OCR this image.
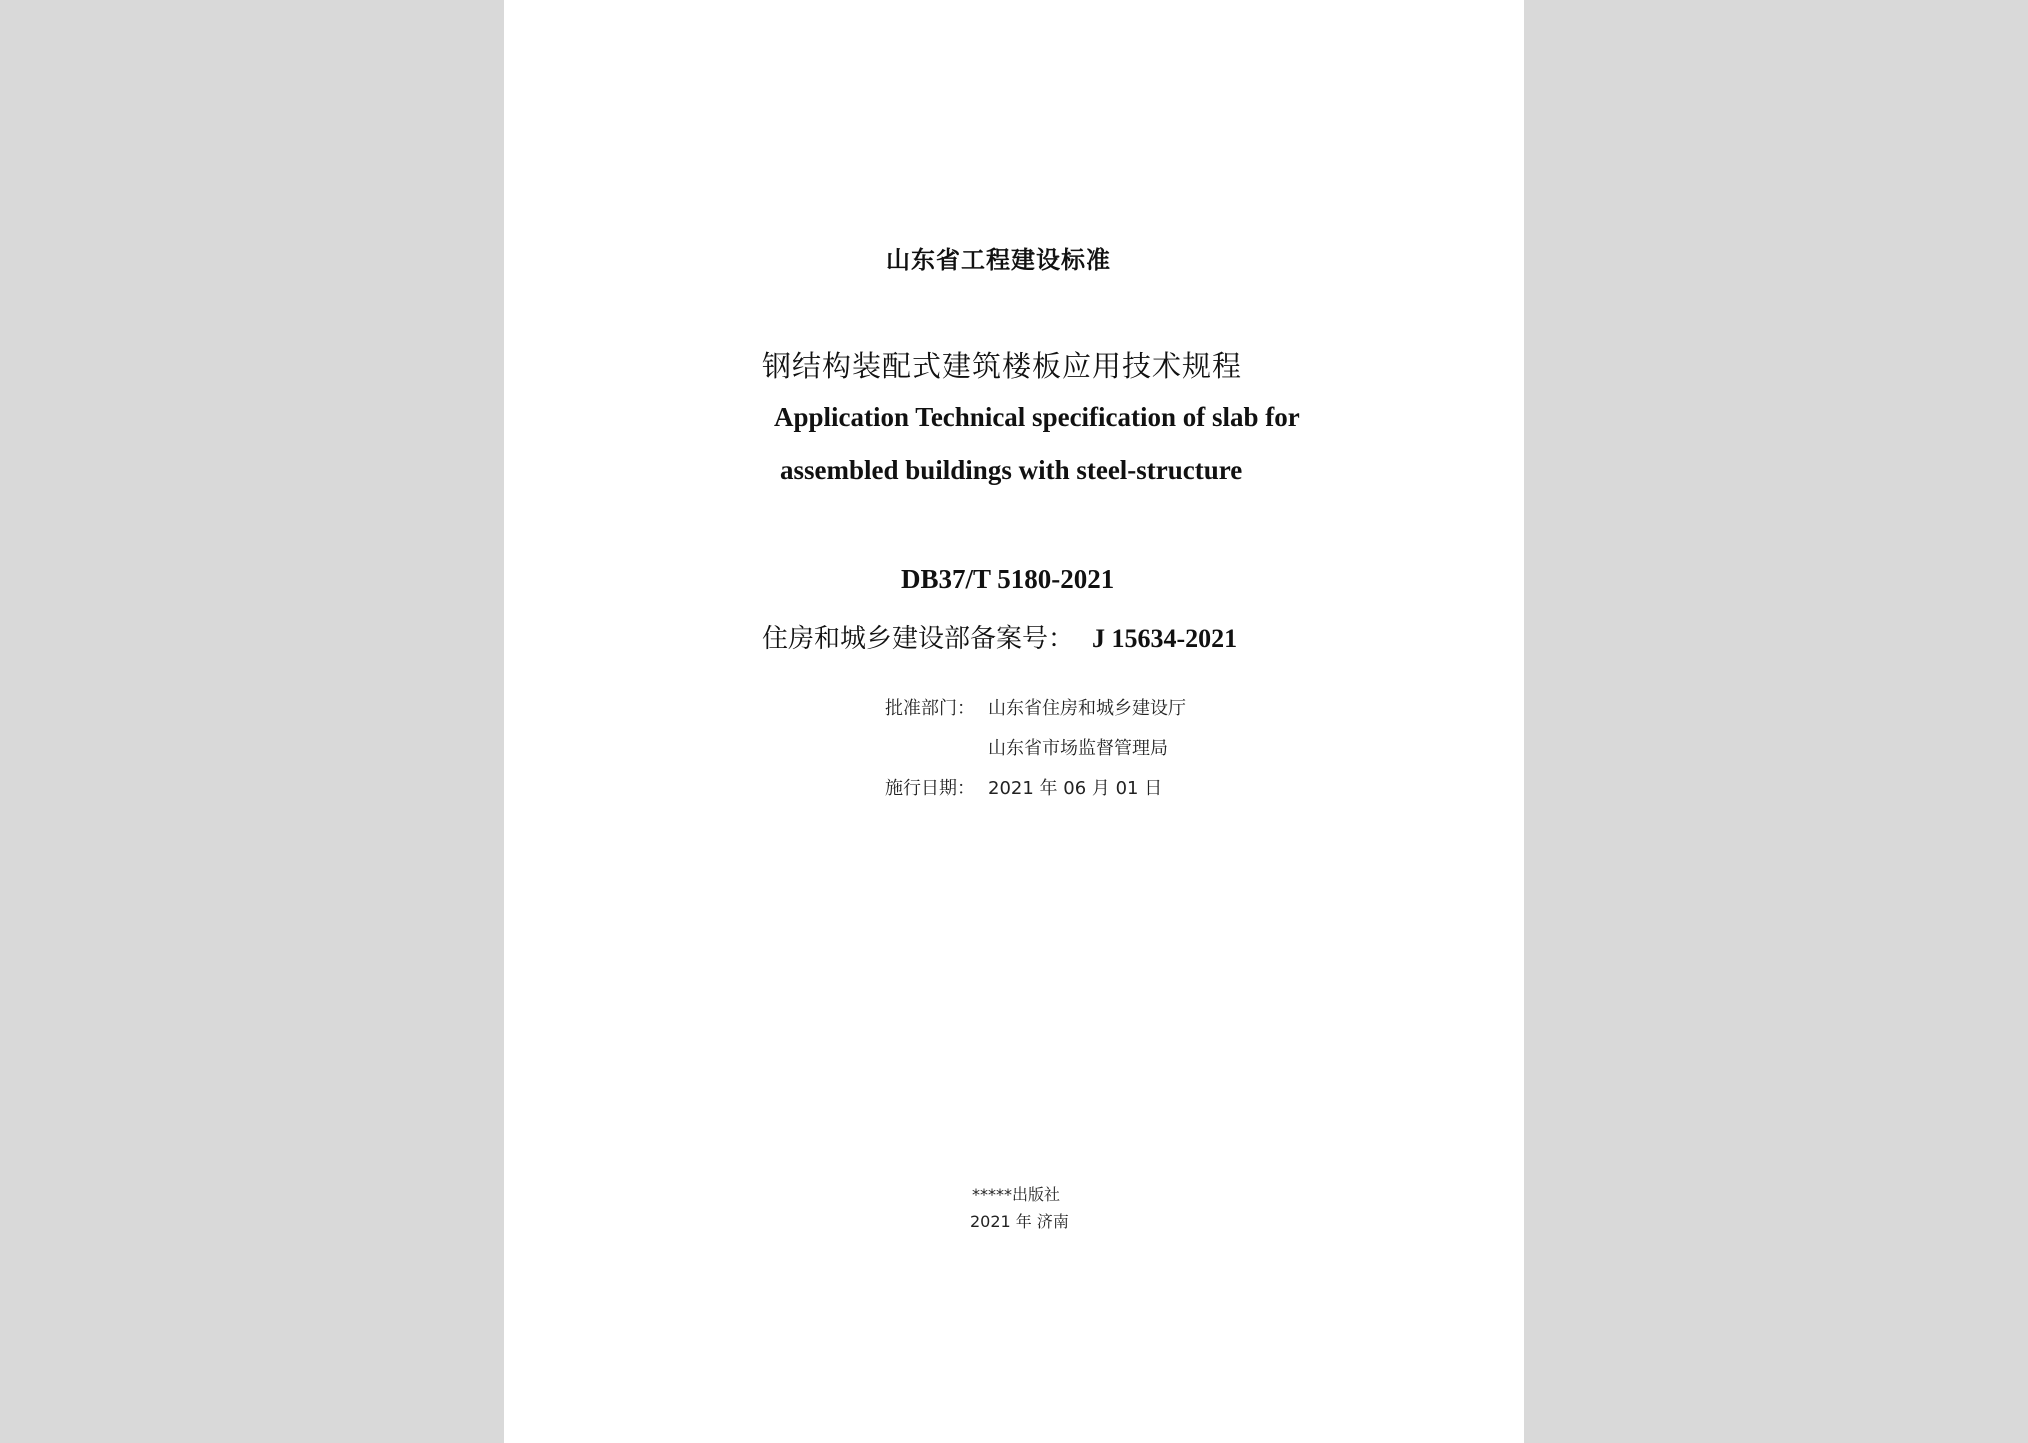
山东省工程建设标准
钢结构装配式建筑楼板应用技术规程
Application Technical specification of slab for
assembled buildings with steel-structure
DB37/T 5180-2021
住房和城乡建设部备案号： J 15634-2021
批准部门： 山东省住房和城乡建设厅
山东省市场监督管理局
施行日期： 2021 年 06 月 01 日
*****出版社
2021 年 济南
